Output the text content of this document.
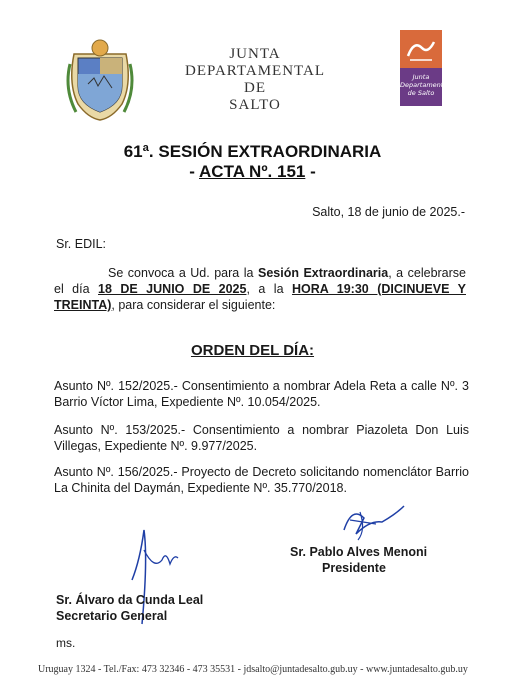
JUNTA
DEPARTAMENTAL
DE
SALTO
Junta
Departamental
de Salto
61ª. SESIÓN EXTRAORDINARIA
- ACTA Nº. 151 -
Salto, 18 de junio de 2025.-
Sr. EDIL:
Se convoca a Ud. para la Sesión Extraordinaria, a celebrarse el día 18 DE JUNIO DE 2025, a la HORA 19:30 (DICINUEVE Y TREINTA), para considerar el siguiente:
ORDEN DEL DÍA:
Asunto Nº. 152/2025.- Consentimiento a nombrar Adela Reta a calle Nº. 3 Barrio Víctor Lima, Expediente Nº. 10.054/2025.
Asunto Nº. 153/2025.- Consentimiento a nombrar Piazoleta Don Luis Villegas, Expediente Nº. 9.977/2025.
Asunto Nº. 156/2025.- Proyecto de Decreto solicitando nomenclátor Barrio La Chinita del Daymán, Expediente Nº. 35.770/2018.
Sr. Pablo Alves Menoni
Presidente
Sr. Álvaro da Cunda Leal
Secretario General
ms.
Uruguay 1324 - Tel./Fax: 473 32346 - 473 35531 - jdsalto@juntadesalto.gub.uy - www.juntadesalto.gub.uy
